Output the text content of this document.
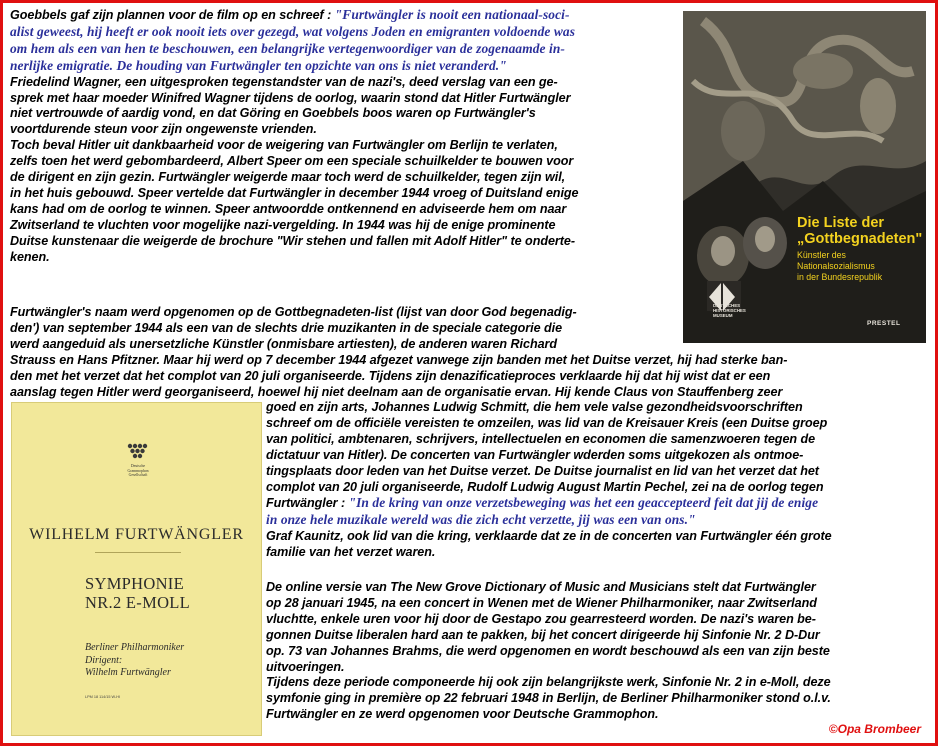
Goebbels gaf zijn plannen voor de film op en schreef : "Furtwängler is nooit een nationaal-soci-
alist geweest, hij heeft er ook nooit iets over gezegd, wat volgens Joden en emigranten voldoende was
om hem als een van hen te beschouwen, een belangrijke vertegenwoordiger van de zogenaamde in-
nerlijke emigratie. De houding van Furtwängler ten opzichte van ons is niet veranderd."
Friedelind Wagner, een uitgesproken tegenstandster van de nazi's, deed verslag van een ge-
sprek met haar moeder Winifred Wagner tijdens de oorlog, waarin stond dat Hitler Furtwängler
niet vertrouwde of aardig vond, en dat Göring en Goebbels boos waren op Furtwängler's
voortdurende steun voor zijn ongewenste vrienden.
Toch beval Hitler uit dankbaarheid voor de weigering van Furtwängler om Berlijn te verlaten,
zelfs toen het werd gebombardeerd, Albert Speer om een speciale schuilkelder te bouwen voor
de dirigent en zijn gezin. Furtwängler weigerde maar toch werd de schuilkelder, tegen zijn wil,
in het huis gebouwd. Speer vertelde dat Furtwängler in december 1944 vroeg of Duitsland enige
kans had om de oorlog te winnen. Speer antwoordde ontkennend en adviseerde hem om naar
Zwitserland te vluchten voor mogelijke nazi-vergelding. In 1944 was hij de enige prominente
Duitse kunstenaar die weigerde de brochure "Wir stehen und fallen mit Adolf Hitler" te onderte-
kenen.
Furtwängler's naam werd opgenomen op de Gottbegnadeten-list (lijst van door God begenadig-
den') van september 1944 als een van de slechts drie muzikanten in de speciale categorie die
werd aangeduid als unersetzliche Künstler (onmisbare artiesten), de anderen waren Richard
Strauss en Hans Pfitzner. Maar hij werd op 7 december 1944 afgezet vanwege zijn banden met het Duitse verzet, hij had sterke ban-
den met het verzet dat het complot van 20 juli organiseerde. Tijdens zijn denazificatieproces verklaarde hij dat hij wist dat er een
aanslag tegen Hitler werd georganiseerd, hoewel hij niet deelnam aan de organisatie ervan. Hij kende Claus von Stauffenberg zeer
goed en zijn arts, Johannes Ludwig Schmitt, die hem vele valse gezondheidsvoorschriften
schreef om de officiële vereisten te omzeilen, was lid van de Kreisauer Kreis (een Duitse groep
van politici, ambtenaren, schrijvers, intellectuelen en economen die samenzwoeren tegen de
dictatuur van Hitler). De concerten van Furtwängler wderden soms uitgekozen als ontmoe-
tingsplaats door leden van het Duitse verzet. De Duitse journalist en lid van het verzet dat het
complot van 20 juli organiseerde, Rudolf Ludwig August Martin Pechel, zei na de oorlog tegen
Furtwängler : "In de kring van onze verzetsbeweging was het een geaccepteerd feit dat jij de enige
in onze hele muzikale wereld was die zich echt verzette, jij was een van ons."
Graf Kaunitz, ook lid van die kring, verklaarde dat ze in de concerten van Furtwängler één grote
familie van het verzet waren.
De online versie van The New Grove Dictionary of Music and Musicians stelt dat Furtwängler
op 28 januari 1945, na een concert in Wenen met de Wiener Philharmoniker, naar Zwitserland
vluchtte, enkele uren voor hij door de Gestapo zou gearresteerd worden. De nazi's waren be-
gonnen Duitse liberalen hard aan te pakken, bij het concert dirigeerde hij Sinfonie Nr. 2 D-Dur
op. 73 van Johannes Brahms, die werd opgenomen en wordt beschouwd als een van zijn beste
uitvoeringen.
Tijdens deze periode componeerde hij ook zijn belangrijkste werk, Sinfonie Nr. 2 in e-Moll, deze
symfonie ging in première op 22 februari 1948 in Berlijn, de Berliner Philharmoniker stond o.l.v.
Furtwängler en ze werd opgenomen voor Deutsche Grammophon.
©Opa Brombeer
Die Liste der
„Gottbegnadeten"
Künstler des Nationalsozialismus
in der Bundesrepublik
DEUTSCHES
HISTORISCHES
MUSEUM
PRESTEL
Deutsche
Grammophon
Gesellschaft
WILHELM FURTWÄNGLER
SYMPHONIE
NR.2 E-MOLL
Berliner Philharmoniker
Dirigent:
Wilhelm Furtwängler
LPM 18 114/15 W-HI
